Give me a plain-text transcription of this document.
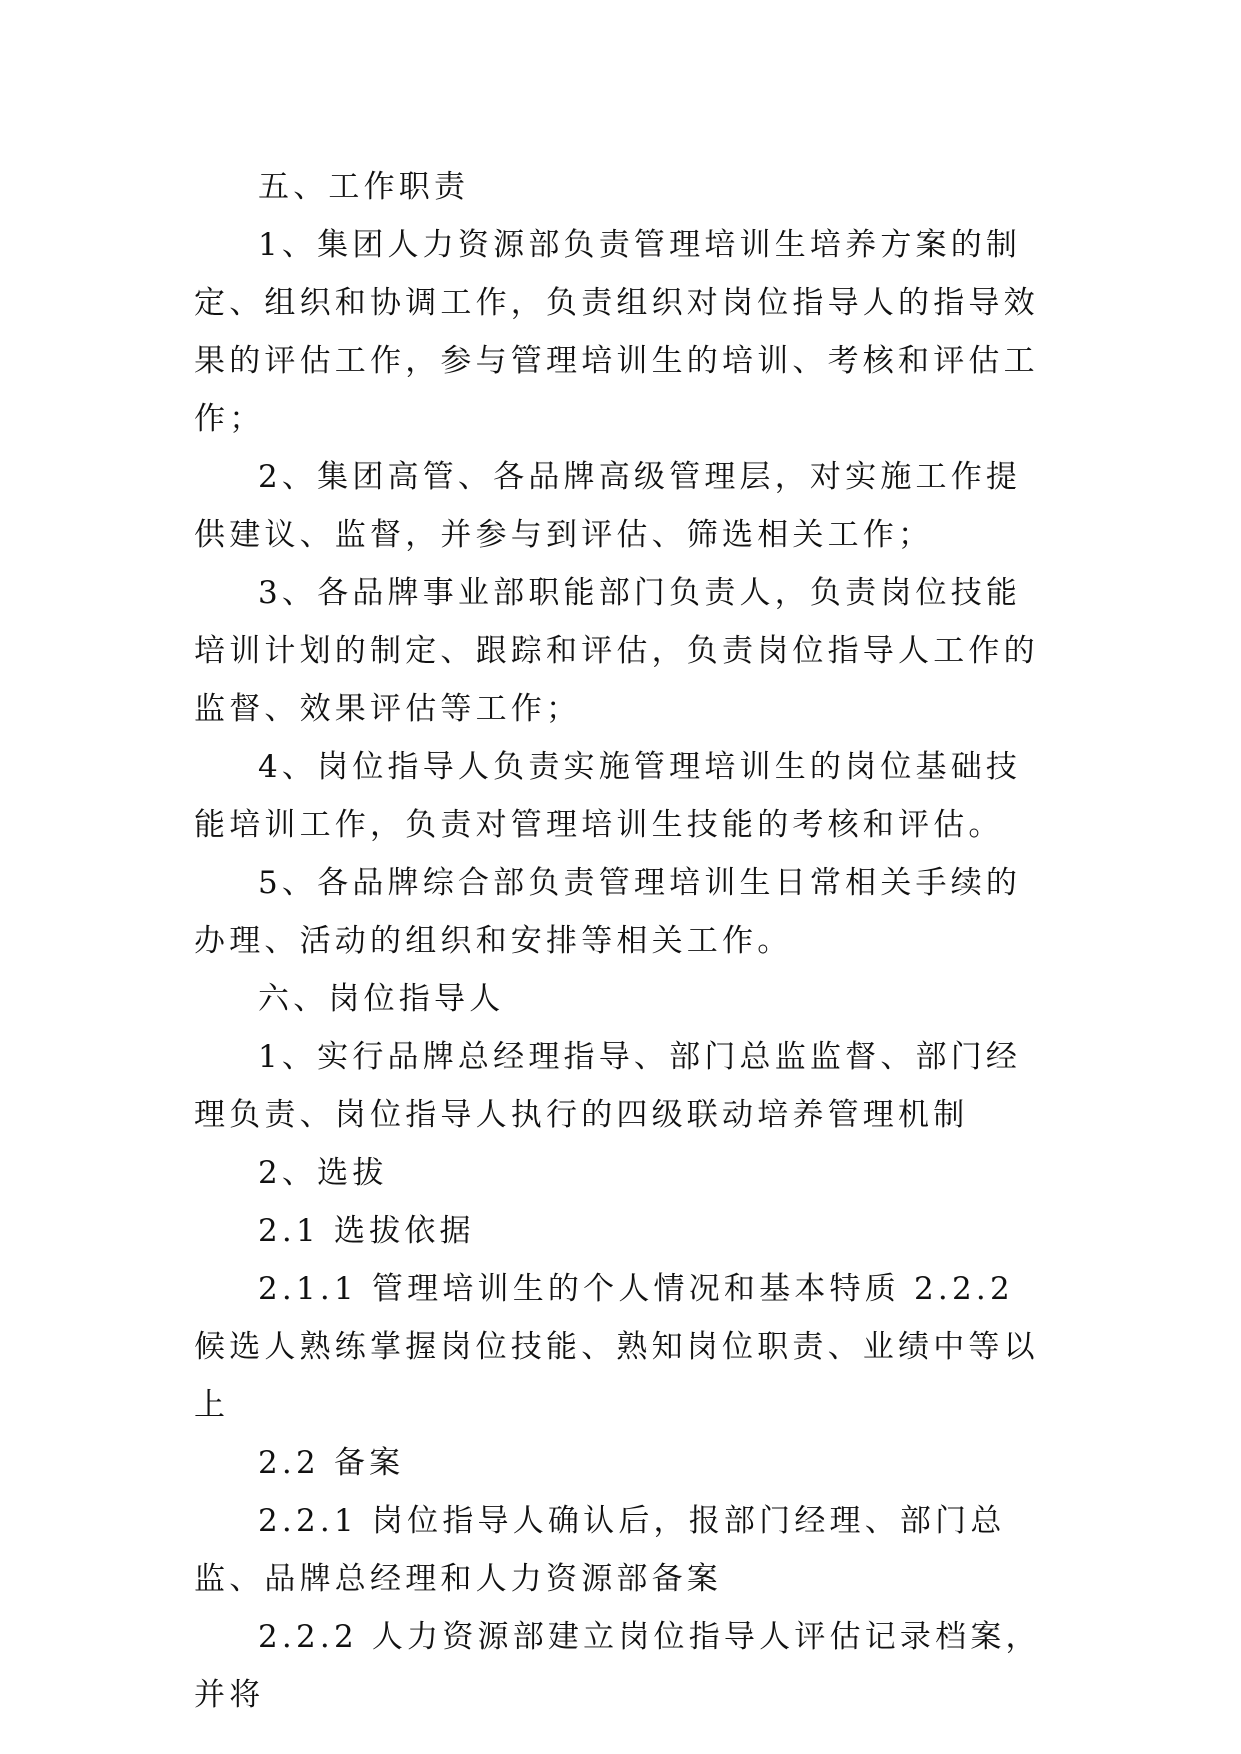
五、工作职责

1、集团人力资源部负责管理培训生培养方案的制定、组织和协调工作，负责组织对岗位指导人的指导效果的评估工作，参与管理培训生的培训、考核和评估工作；

2、集团高管、各品牌高级管理层，对实施工作提供建议、监督，并参与到评估、筛选相关工作；

3、各品牌事业部职能部门负责人，负责岗位技能培训计划的制定、跟踪和评估，负责岗位指导人工作的监督、效果评估等工作；

4、岗位指导人负责实施管理培训生的岗位基础技能培训工作，负责对管理培训生技能的考核和评估。

5、各品牌综合部负责管理培训生日常相关手续的办理、活动的组织和安排等相关工作。

六、岗位指导人

1、实行品牌总经理指导、部门总监监督、部门经理负责、岗位指导人执行的四级联动培养管理机制

2、选拔

2.1 选拔依据

2.1.1 管理培训生的个人情况和基本特质 2.2.2 候选人熟练掌握岗位技能、熟知岗位职责、业绩中等以上

2.2 备案

2.2.1 岗位指导人确认后，报部门经理、部门总监、品牌总经理和人力资源部备案

2.2.2 人力资源部建立岗位指导人评估记录档案，并将
